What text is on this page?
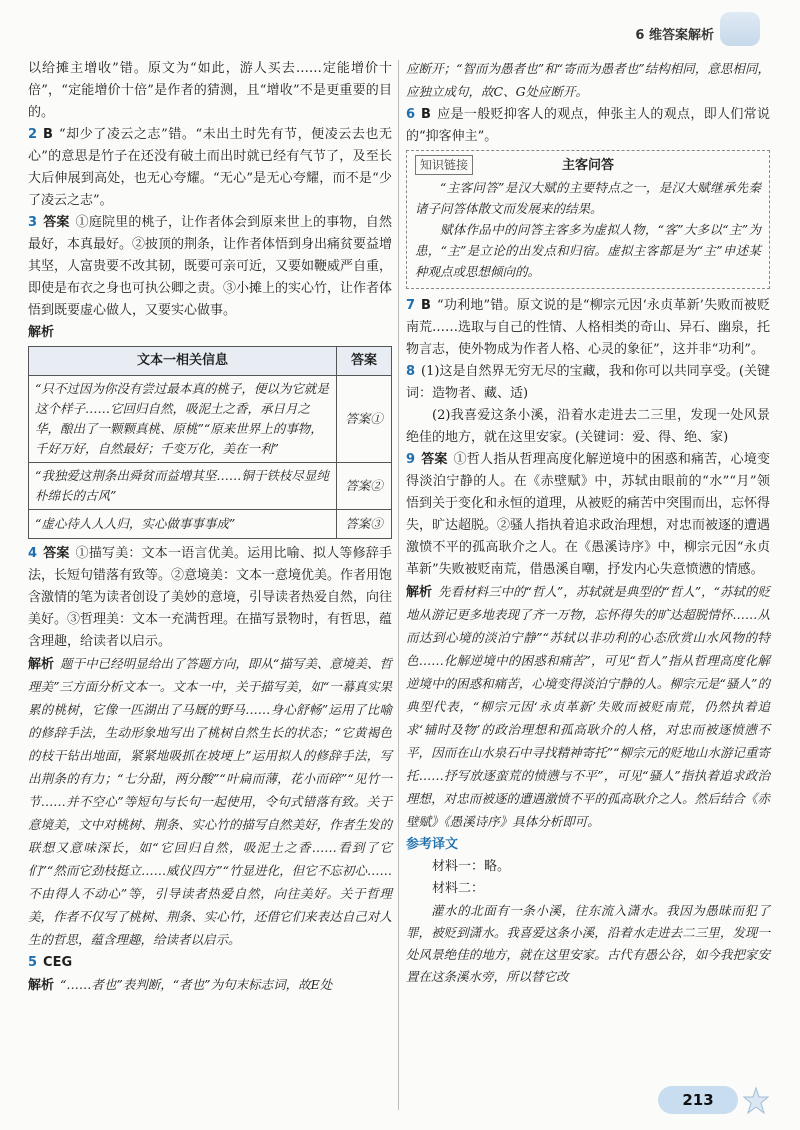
6 维答案解析

以给摊主增收”错。原文为“如此，游人买去……定能增价十倍”，“定能增价十倍”是作者的猜测，且“增收”不是更重要的目的。

2 B “却少了凌云之志”错。“未出土时先有节，便凌云去也无心”的意思是竹子在还没有破土而出时就已经有气节了，及至长大后伸展到高处，也无心夸耀。“无心”是无心夸耀，而不是“少了凌云之志”。

3 答案 ①庭院里的桃子，让作者体会到原来世上的事物，自然最好，本真最好。②披顶的荆条，让作者体悟到身出痛贫要益增其坚，人富贵要不改其韧，既要可亲可近，又要如鞭威严自重，即使是布衣之身也可执公卿之责。③小摊上的实心竹，让作者体悟到既要虚心做人，又要实心做事。

解析

文本一相关信息	答案
“只不过因为你没有尝过最本真的桃子，便以为它就是这个样子……它回归自然，吸泥土之香，承日月之华，酿出了一颗颗真桃、原桃”“原来世界上的事物，千好万好，自然最好；千变万化，美在一利”	答案①
“我独爱这荆条出舜贫而益增其坚……铜于铁枝尽显纯朴绵长的古风”	答案②
“虚心待人人人归，实心做事事事成”	答案③

4 答案 ①描写美：文本一语言优美。运用比喻、拟人等修辞手法，长短句错落有致等。②意境美：文本一意境优美。作者用饱含激情的笔为读者创设了美妙的意境，引导读者热爱自然，向往美好。③哲理美：文本一充满哲理。在描写景物时，有哲思，蕴含理趣，给读者以启示。

解析 题干中已经明显给出了答题方向，即从“描写美、意境美、哲理美”三方面分析文本一。文本一中，关于描写美，如“一幕真实果累的桃树，它像一匹湖出了马厩的野马……身心舒畅”运用了比喻的修辞手法，生动形象地写出了桃树自然生长的状态；“它黄褐色的枝干钻出地面，紧紧地吸抓在坡埂上”运用拟人的修辞手法，写出荆条的有力；“七分甜，两分酸”“叶扁而薄，花小而碎”“见竹一节……并不空心”等短句与长句一起使用，令句式错落有致。关于意境美，文中对桃树、荆条、实心竹的描写自然美好，作者生发的联想又意味深长，如“它回归自然，吸泥土之香……看到了它们”“然而它劲枝挺立……威仪四方”“竹显进化，但它不忘初心……不由得人不动心”等，引导读者热爱自然，向往美好。关于哲理美，作者不仅写了桃树、荆条、实心竹，还借它们来表达自己对人生的哲思，蕴含理趣，给读者以启示。

5 CEG

解析 “……者也”表判断，“者也”为句末标志词，故E处

应断开；“智而为愚者也”和“寄而为愚者也”结构相同，意思相同，应独立成句，故C、G处应断开。

6 B 应是一般贬抑客人的观点，伸张主人的观点，即人们常说的“抑客伸主”。

主客问答
知识链接

“主客问答”是汉大赋的主要特点之一，是汉大赋继承先秦诸子问答体散文而发展来的结果。

赋体作品中的问答主客多为虚拟人物，“客”大多以“主”为患，“主”是立论的出发点和归宿。虚拟主客都是为“主”申述某种观点或思想倾向的。

7 B “功利地”错。原文说的是“柳宗元因‘永贞革新’失败而被贬南荒……选取与自己的性情、人格相类的奇山、异石、幽泉，托物言志，使外物成为作者人格、心灵的象征”，这并非“功利”。

8 (1)这是自然界无穷无尽的宝藏，我和你可以共同享受。(关键词：造物者、藏、适)

(2)我喜爱这条小溪，沿着水走进去二三里，发现一处风景绝佳的地方，就在这里安家。(关键词：爱、得、绝、家)

9 答案 ①哲人指从哲理高度化解逆境中的困惑和痛苦，心境变得淡泊宁静的人。在《赤壁赋》中，苏轼由眼前的“水”“月”领悟到关于变化和永恒的道理，从被贬的痛苦中突围而出，忘怀得失，旷达超脱。②骚人指执着追求政治理想，对忠而被逐的遭遇激愤不平的孤高耿介之人。在《愚溪诗序》中，柳宗元因“永贞革新”失败被贬南荒，借愚溪自嘲，抒发内心失意愤懑的情感。

解析 先看材料三中的“哲人”，苏轼就是典型的“哲人”，“苏轼的贬地从游记更多地表现了齐一万物，忘怀得失的旷达超脱情怀……从而达到心境的淡泊宁静”“苏轼以非功利的心态欣赏山水风物的特色……化解逆境中的困惑和痛苦”，可见“哲人”指从哲理高度化解逆境中的困惑和痛苦，心境变得淡泊宁静的人。柳宗元是“骚人”的典型代表，“柳宗元因‘永贞革新’失败而被贬南荒，仍然执着追求‘辅时及物’的政治理想和孤高耿介的人格，对忠而被逐愤懑不平，因而在山水泉石中寻找精神寄托”“柳宗元的贬地山水游记重寄托……抒写放逐蛮荒的愤懑与不平”，可见“骚人”指执着追求政治理想，对忠而被逐的遭遇激愤不平的孤高耿介之人。然后结合《赤壁赋》《愚溪诗序》具体分析即可。

参考译文

材料一：略。

材料二：

灌水的北面有一条小溪，往东流入潇水。我因为愚昧而犯了罪，被贬到潇水。我喜爱这条小溪，沿着水走进去二三里，发现一处风景绝佳的地方，就在这里安家。古代有愚公谷，如今我把家安置在这条溪水旁，所以替它改

213
